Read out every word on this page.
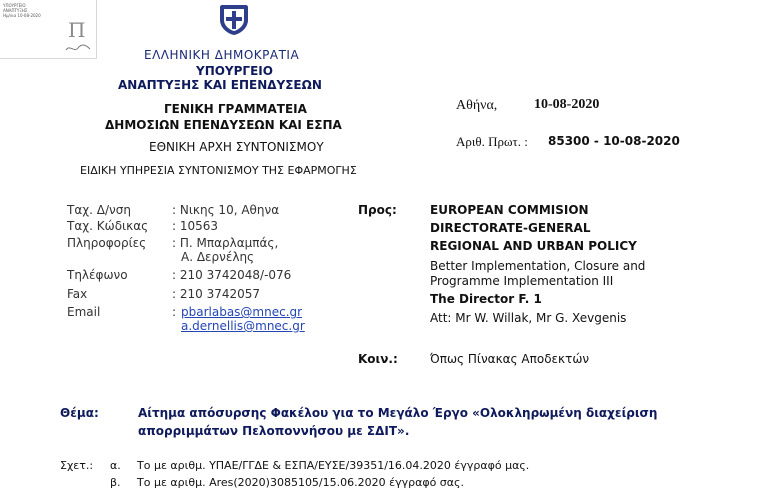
ΥΠΟΥΡΓΕΙΟ
ΑΝΑΠΤΥΞΗΣ
Ημ/νια 10-08-2020
Π
ΕΛΛΗΝΙΚΗ ΔΗΜΟΚΡΑΤΙΑ
ΥΠΟΥΡΓΕΙΟ
ΑΝΑΠΤΥΞΗΣ ΚΑΙ ΕΠΕΝΔΥΣΕΩΝ
ΓΕΝΙΚΗ ΓΡΑΜΜΑΤΕΙΑ
ΔΗΜΟΣΙΩΝ ΕΠΕΝΔΥΣΕΩΝ ΚΑΙ ΕΣΠΑ
ΕΘΝΙΚΗ ΑΡΧΗ ΣΥΝΤΟΝΙΣΜΟΥ
ΕΙΔΙΚΗ ΥΠΗΡΕΣΙΑ ΣΥΝΤΟΝΙΣΜΟΥ ΤΗΣ ΕΦΑΡΜΟΓΗΣ
Αθήνα,	10-08-2020
Αριθ. Πρωτ. : 85300 - 10-08-2020
Ταχ. Δ/νση	: Νικης 10, Αθηνα
Ταχ. Κώδικας : 10563
Πληροφορίες : Π. Μπαρλαμπάς,
Α. Δερνέλης
Τηλέφωνο	: 210 3742048/-076
Fax	: 210 3742057
Email	: pbarlabas@mnec.gr
a.dernellis@mnec.gr
Προς:	EUROPEAN COMMISION
DIRECTORATE-GENERAL
REGIONAL AND URBAN POLICY
Better Implementation, Closure and
Programme Implementation III
The Director F. 1
Att: Mr W. Willak, Mr G. Xevgenis
Κοιν.:	Όπως Πίνακας Αποδεκτών
Θέμα:	Αίτημα απόσυρσης Φακέλου για το Μεγάλο Έργο «Ολοκληρωμένη διαχείριση
απορριμμάτων Πελοποννήσου με ΣΔΙΤ».
Σχετ.: α. Το με αριθμ. ΥΠΑΕ/ΓΓΔΕ & ΕΣΠΑ/ΕΥΣΕ/39351/16.04.2020 έγγραφό μας.
β. Το με αριθμ. Ares(2020)3085105/15.06.2020 έγγραφό σας.
